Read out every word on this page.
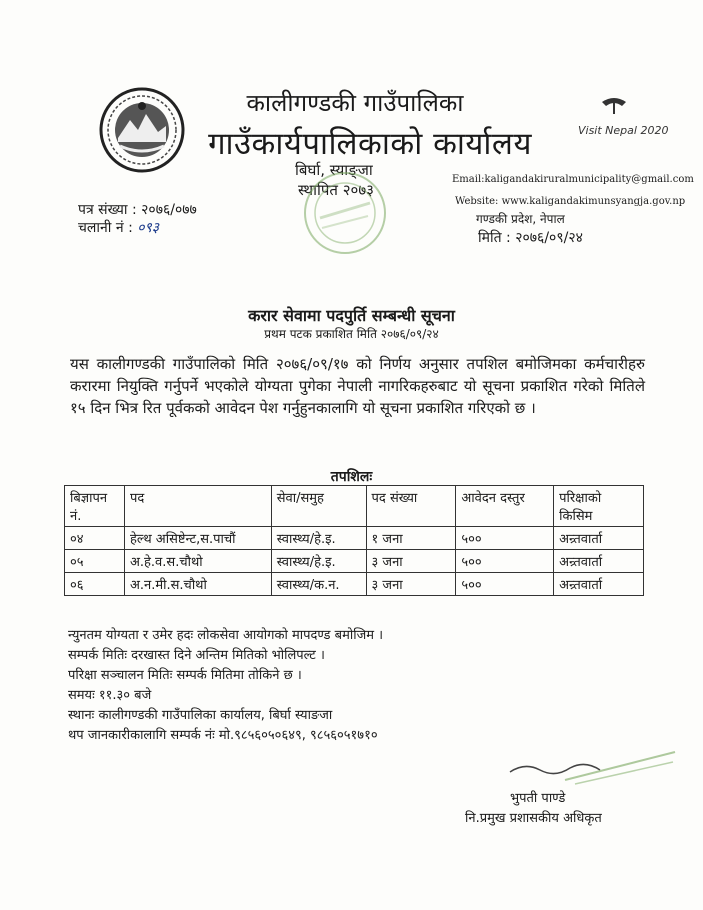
Visit Nepal 2020
कालीगण्डकी गाउँपालिका
गाउँकार्यपालिकाको कार्यालय
बिर्घा, स्याङ्जा
स्थापित २०७३
Email:kaligandakiruralmunicipality@gmail.com
Website: www.kaligandakimunsyangja.gov.np
गण्डकी प्रदेश, नेपाल
मिति : २०७६/०९/२४
पत्र संख्या : २०७६/०७७
चलानी नं : ०९३
करार सेवामा पदपुर्ति सम्बन्धी सूचना
प्रथम पटक प्रकाशित मिति २०७६/०९/२४

यस कालीगण्डकी गाउँपालिको मिति २०७६/०९/१७ को निर्णय अनुसार तपशिल बमोजिमका कर्मचारीहरु करारमा नियुक्ति गर्नुपर्ने भएकोले योग्यता पुगेका नेपाली नागरिकहरुबाट यो सूचना प्रकाशित गरेको मितिले १५ दिन भित्र रित पूर्वकको आवेदन पेश गर्नुहुनकालागि यो सूचना प्रकाशित गरिएको छ ।

तपशिलः
बिज्ञापन नं.	पद	सेवा/समुह	पद संख्या	आवेदन दस्तुर	परिक्षाको किसिम
०४	हेल्थ असिष्टेन्ट,स.पाचौं	स्वास्थ्य/हे.इ.	१ जना	५००	अन्र्तवार्ता
०५	अ.हे.व.स.चौथो	स्वास्थ्य/हे.इ.	३ जना	५००	अन्र्तवार्ता
०६	अ.न.मी.स.चौथो	स्वास्थ्य/क.न.	३ जना	५००	अन्र्तवार्ता
न्युनतम योग्यता र उमेर हदः लोकसेवा आयोगको मापदण्ड बमोजिम ।
सम्पर्क मितिः दरखास्त दिने अन्तिम मितिको भोलिपल्ट ।
परिक्षा सञ्चालन मितिः सम्पर्क मितिमा तोकिने छ ।
समयः ११.३० बजे
स्थानः कालीगण्डकी गाउँपालिका कार्यालय, बिर्घा स्याङजा
थप जानकारीकालागि सम्पर्क नंः मो.९८५६०५०६४९, ९८५६०५१७१०
भुपती पाण्डे
नि.प्रमुख प्रशासकीय अधिकृत
